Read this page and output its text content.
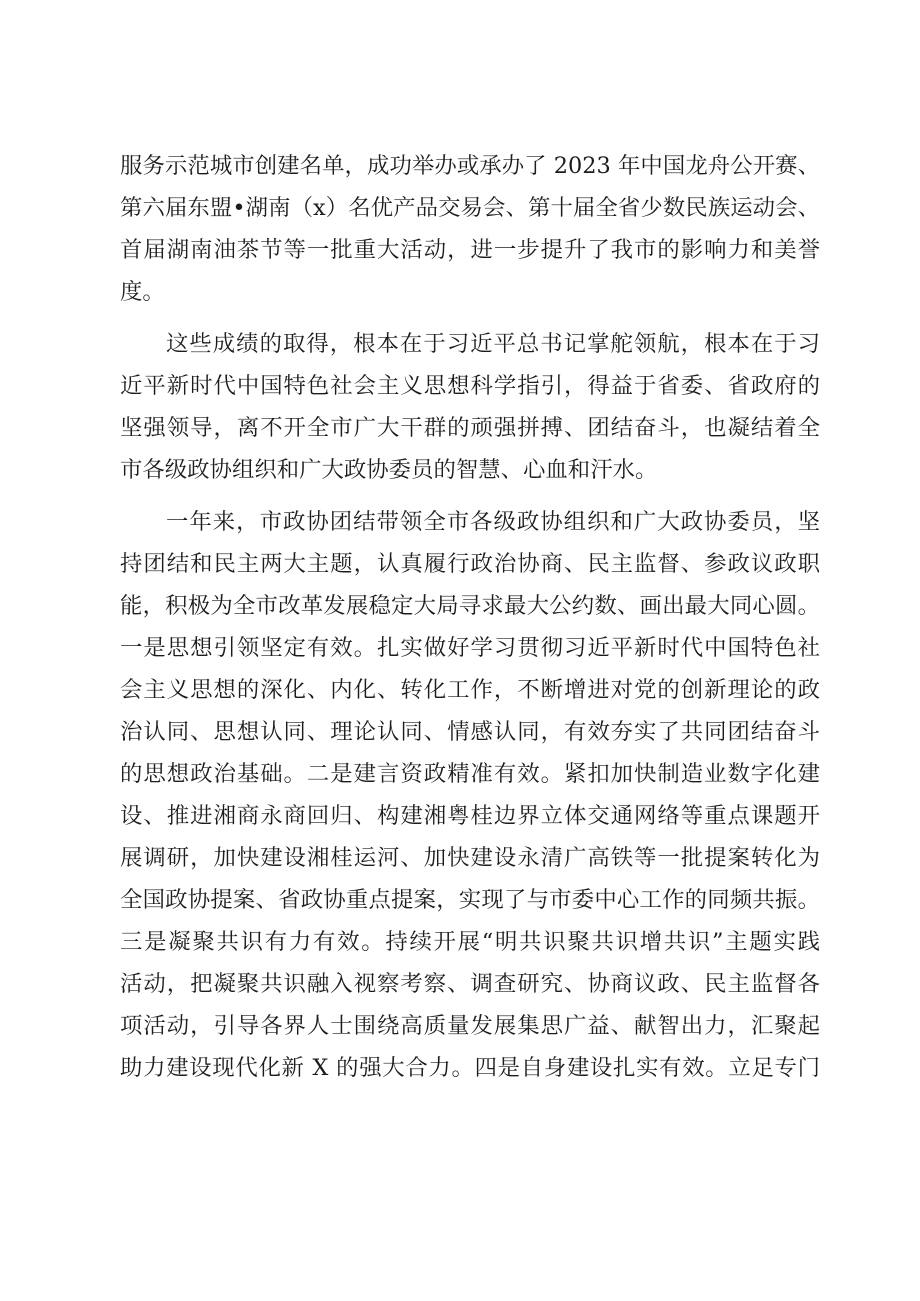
服务示范城市创建名单，成功举办或承办了 2023 年中国龙舟公开赛、
第六届东盟•湖南（x）名优产品交易会、第十届全省少数民族运动会、
首届湖南油茶节等一批重大活动，进一步提升了我市的影响力和美誉
度。
这些成绩的取得，根本在于习近平总书记掌舵领航，根本在于习
近平新时代中国特色社会主义思想科学指引，得益于省委、省政府的
坚强领导，离不开全市广大干群的顽强拼搏、团结奋斗，也凝结着全
市各级政协组织和广大政协委员的智慧、心血和汗水。
一年来，市政协团结带领全市各级政协组织和广大政协委员，坚
持团结和民主两大主题，认真履行政治协商、民主监督、参政议政职
能，积极为全市改革发展稳定大局寻求最大公约数、画出最大同心圆。
一是思想引领坚定有效。扎实做好学习贯彻习近平新时代中国特色社
会主义思想的深化、内化、转化工作，不断增进对党的创新理论的政
治认同、思想认同、理论认同、情感认同，有效夯实了共同团结奋斗
的思想政治基础。二是建言资政精准有效。紧扣加快制造业数字化建
设、推进湘商永商回归、构建湘粤桂边界立体交通网络等重点课题开
展调研，加快建设湘桂运河、加快建设永清广高铁等一批提案转化为
全国政协提案、省政协重点提案，实现了与市委中心工作的同频共振。
三是凝聚共识有力有效。持续开展“明共识聚共识增共识”主题实践
活动，把凝聚共识融入视察考察、调查研究、协商议政、民主监督各
项活动，引导各界人士围绕高质量发展集思广益、献智出力，汇聚起
助力建设现代化新 X 的强大合力。四是自身建设扎实有效。立足专门
